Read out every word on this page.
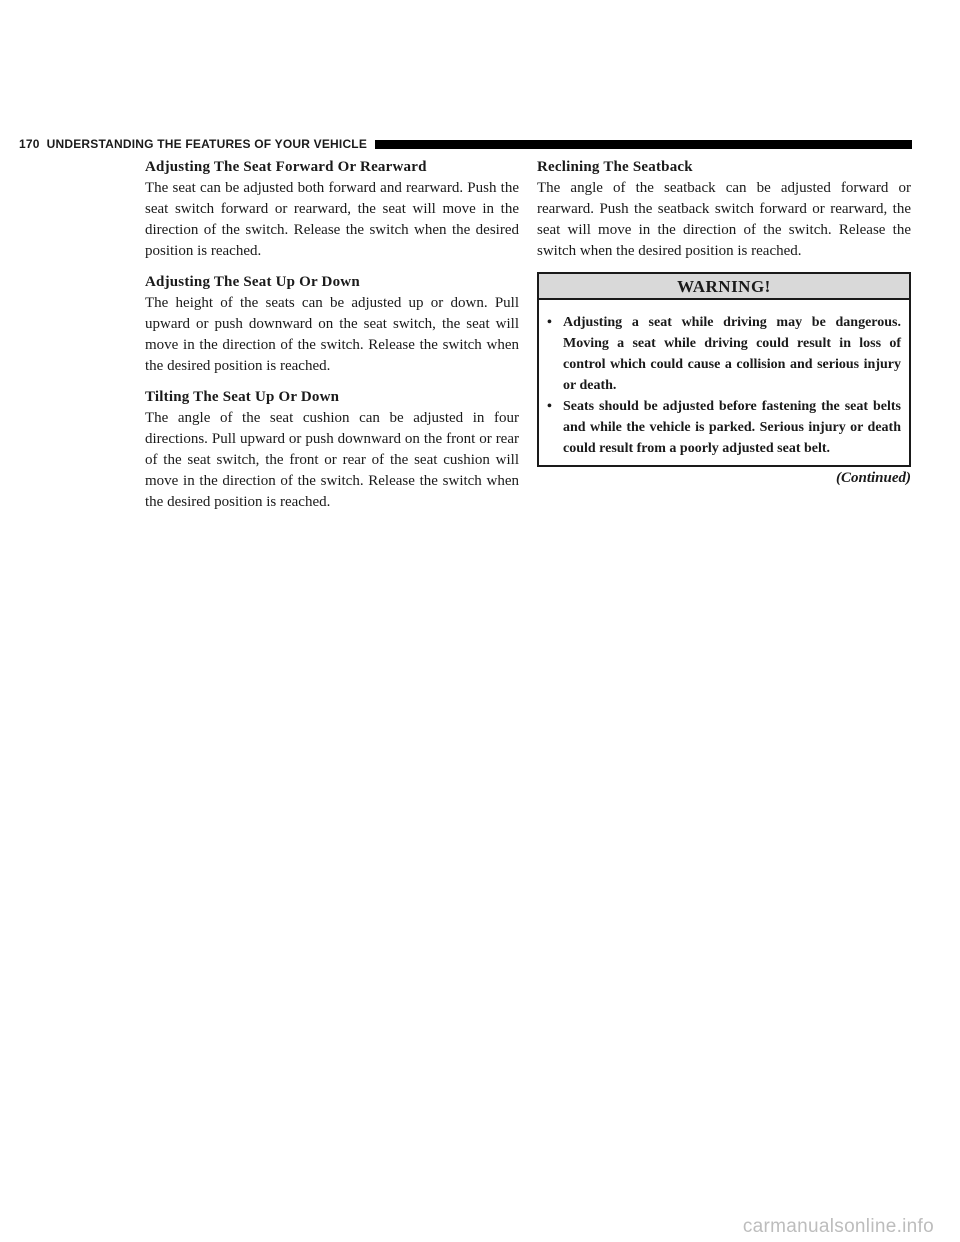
170 UNDERSTANDING THE FEATURES OF YOUR VEHICLE
Adjusting The Seat Forward Or Rearward

The seat can be adjusted both forward and rearward. Push the seat switch forward or rearward, the seat will move in the direction of the switch. Release the switch when the desired position is reached.

Adjusting The Seat Up Or Down

The height of the seats can be adjusted up or down. Pull upward or push downward on the seat switch, the seat will move in the direction of the switch. Release the switch when the desired position is reached.

Tilting The Seat Up Or Down

The angle of the seat cushion can be adjusted in four directions. Pull upward or push downward on the front or rear of the seat switch, the front or rear of the seat cushion will move in the direction of the switch. Release the switch when the desired position is reached.

Reclining The Seatback

The angle of the seatback can be adjusted forward or rearward. Push the seatback switch forward or rearward, the seat will move in the direction of the switch. Release the switch when the desired position is reached.

WARNING!
• Adjusting a seat while driving may be dangerous. Moving a seat while driving could result in loss of control which could cause a collision and serious injury or death.
• Seats should be adjusted before fastening the seat belts and while the vehicle is parked. Serious injury or death could result from a poorly adjusted seat belt.
(Continued)
carmanualsonline.info
